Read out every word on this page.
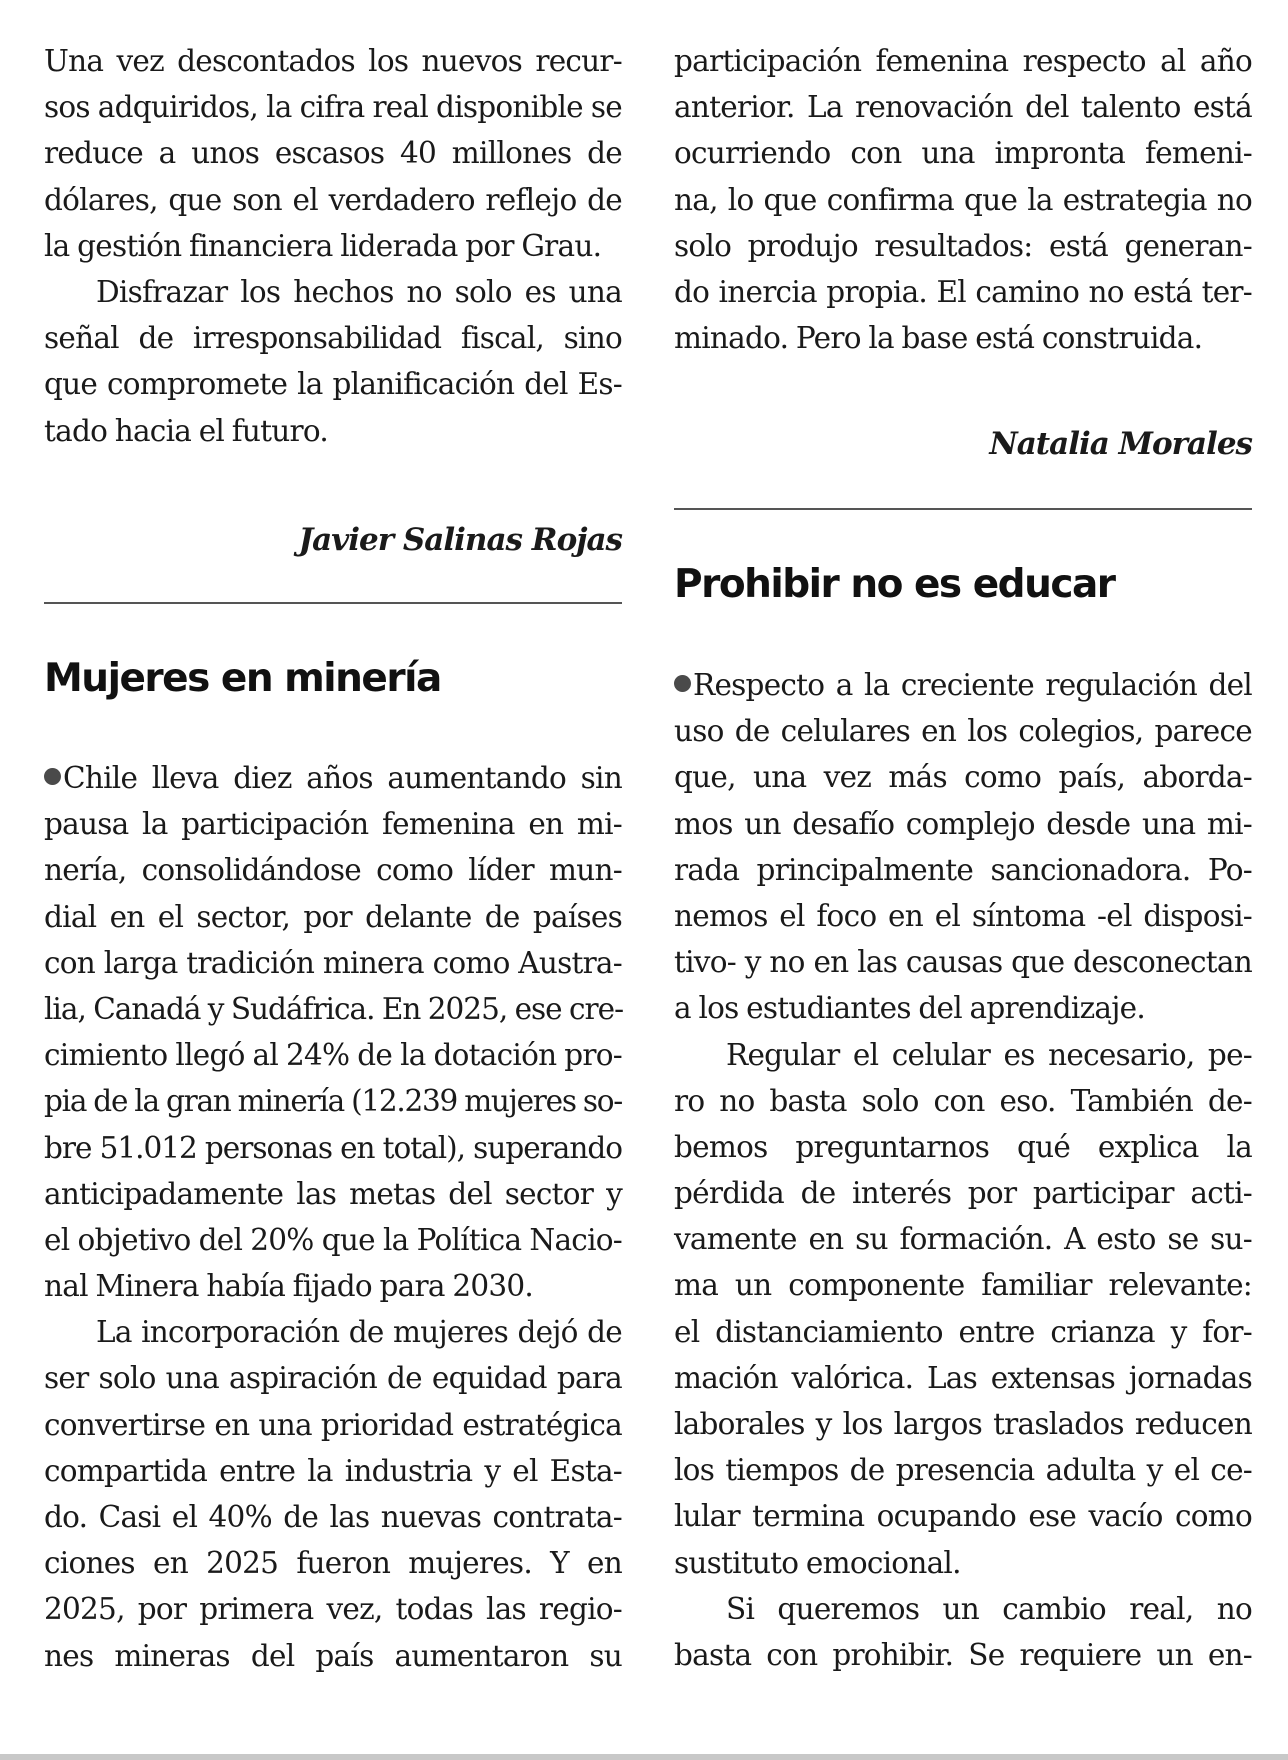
Una vez descontados los nuevos recur-

sos adquiridos, la cifra real disponible se

reduce a unos escasos 40 millones de

dólares, que son el verdadero reflejo de

la gestión financiera liderada por Grau.

Disfrazar los hechos no solo es una

señal de irresponsabilidad fiscal, sino

que compromete la planificación del Es-

tado hacia el futuro.

Javier Salinas Rojas
Mujeres en minería

Chile lleva diez años aumentando sin

pausa la participación femenina en mi-

nería, consolidándose como líder mun-

dial en el sector, por delante de países

con larga tradición minera como Austra-

lia, Canadá y Sudáfrica. En 2025, ese cre-

cimiento llegó al 24% de la dotación pro-

pia de la gran minería (12.239 mujeres so-

bre 51.012 personas en total), superando

anticipadamente las metas del sector y

el objetivo del 20% que la Política Nacio-

nal Minera había fijado para 2030.

La incorporación de mujeres dejó de

ser solo una aspiración de equidad para

convertirse en una prioridad estratégica

compartida entre la industria y el Esta-

do. Casi el 40% de las nuevas contrata-

ciones en 2025 fueron mujeres. Y en

2025, por primera vez, todas las regio-

nes mineras del país aumentaron su

participación femenina respecto al año

anterior. La renovación del talento está

ocurriendo con una impronta femeni-

na, lo que confirma que la estrategia no

solo produjo resultados: está generan-

do inercia propia. El camino no está ter-

minado. Pero la base está construida.

Natalia Morales
Prohibir no es educar

Respecto a la creciente regulación del

uso de celulares en los colegios, parece

que, una vez más como país, aborda-

mos un desafío complejo desde una mi-

rada principalmente sancionadora. Po-

nemos el foco en el síntoma -el disposi-

tivo- y no en las causas que desconectan

a los estudiantes del aprendizaje.

Regular el celular es necesario, pe-

ro no basta solo con eso. También de-

bemos preguntarnos qué explica la

pérdida de interés por participar acti-

vamente en su formación. A esto se su-

ma un componente familiar relevante:

el distanciamiento entre crianza y for-

mación valórica. Las extensas jornadas

laborales y los largos traslados reducen

los tiempos de presencia adulta y el ce-

lular termina ocupando ese vacío como

sustituto emocional.

Si queremos un cambio real, no

basta con prohibir. Se requiere un en-
